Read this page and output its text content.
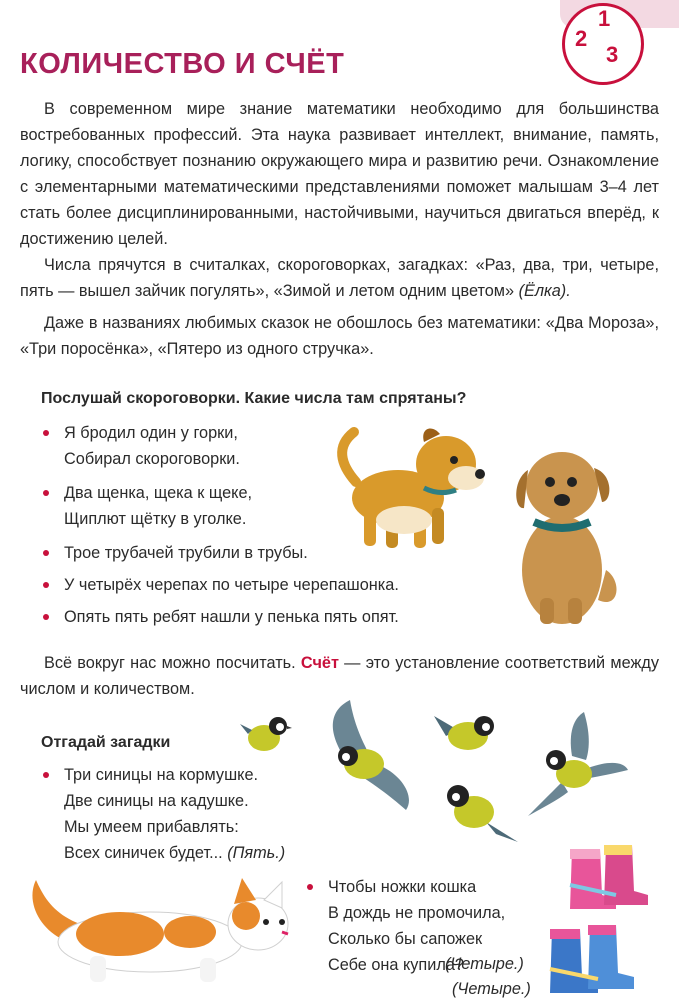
1
2
3
КОЛИЧЕСТВО И СЧЁТ

В современном мире знание математики необходимо для большинства востребованных профессий. Эта наука развивает интеллект, внимание, память, логику, способствует познанию окружающего мира и развитию речи. Ознакомление с элементарными математическими представлениями поможет малышам 3–4 лет стать более дисциплинированными, настойчивыми, научиться двигаться вперёд, к достижению целей.

Числа прячутся в считалках, скороговорках, загадках: «Раз, два, три, четыре, пять — вышел зайчик погулять», «Зимой и летом одним цветом» (Ёлка).

Даже в названиях любимых сказок не обошлось без математики: «Два Мороза», «Три поросёнка», «Пятеро из одного стручка».

Послушай скороговорки. Какие числа там спрятаны?
Я бродил один у горки,
Собирал скороговорки.
Два щенка, щека к щеке,
Щиплют щётку в уголке.
Трое трубачей трубили в трубы.
У четырёх черепах по четыре черепашонка.
Опять пять ребят нашли у пенька пять опят.

Всё вокруг нас можно посчитать. Счёт — это установление соответствий между числом и количеством.

Отгадай загадки
Три синицы на кормушке.
Две синицы на кадушке.
Мы умеем прибавлять:
Всех синичек будет... (Пять.)
Чтобы ножки кошка
В дождь не промочила,
Сколько бы сапожек
Себе она купила?
(Четыре.)
(Четыре.)
